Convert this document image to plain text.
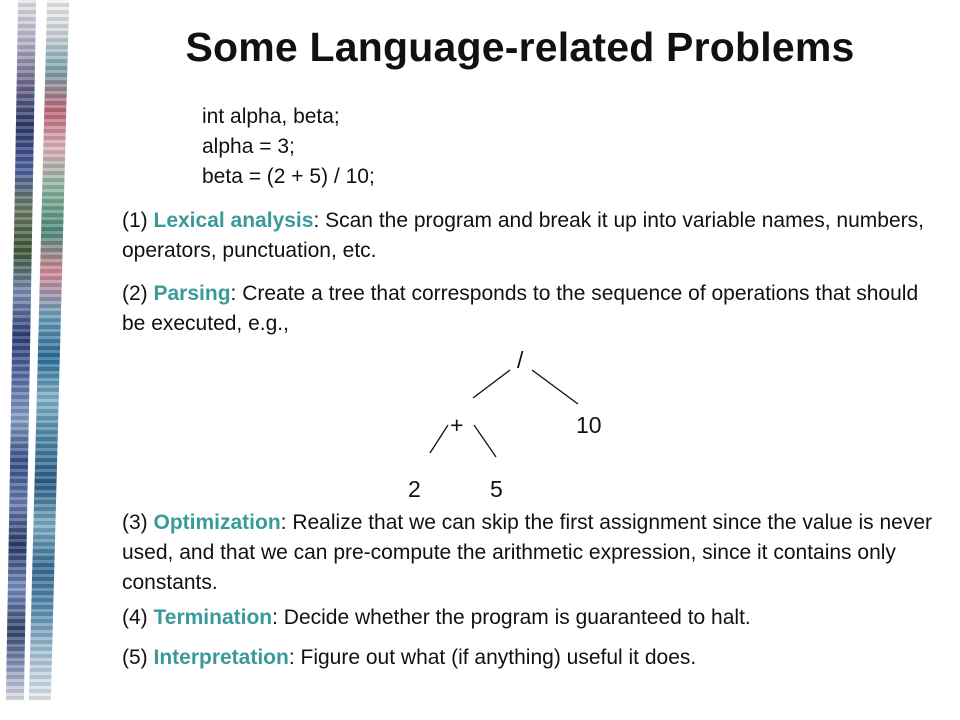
Some Language-related Problems
int alpha, beta;
alpha = 3;
beta = (2 + 5) / 10;

(1) Lexical analysis: Scan the program and break it up into variable names, numbers, operators, punctuation, etc.

(2) Parsing: Create a tree that corresponds to the sequence of operations that should be executed, e.g.,

/
+	10
2	5

(3) Optimization: Realize that we can skip the first assignment since the value is never used, and that we can pre-compute the arithmetic expression, since it contains only constants.

(4) Termination: Decide whether the program is guaranteed to halt.

(5) Interpretation: Figure out what (if anything) useful it does.
